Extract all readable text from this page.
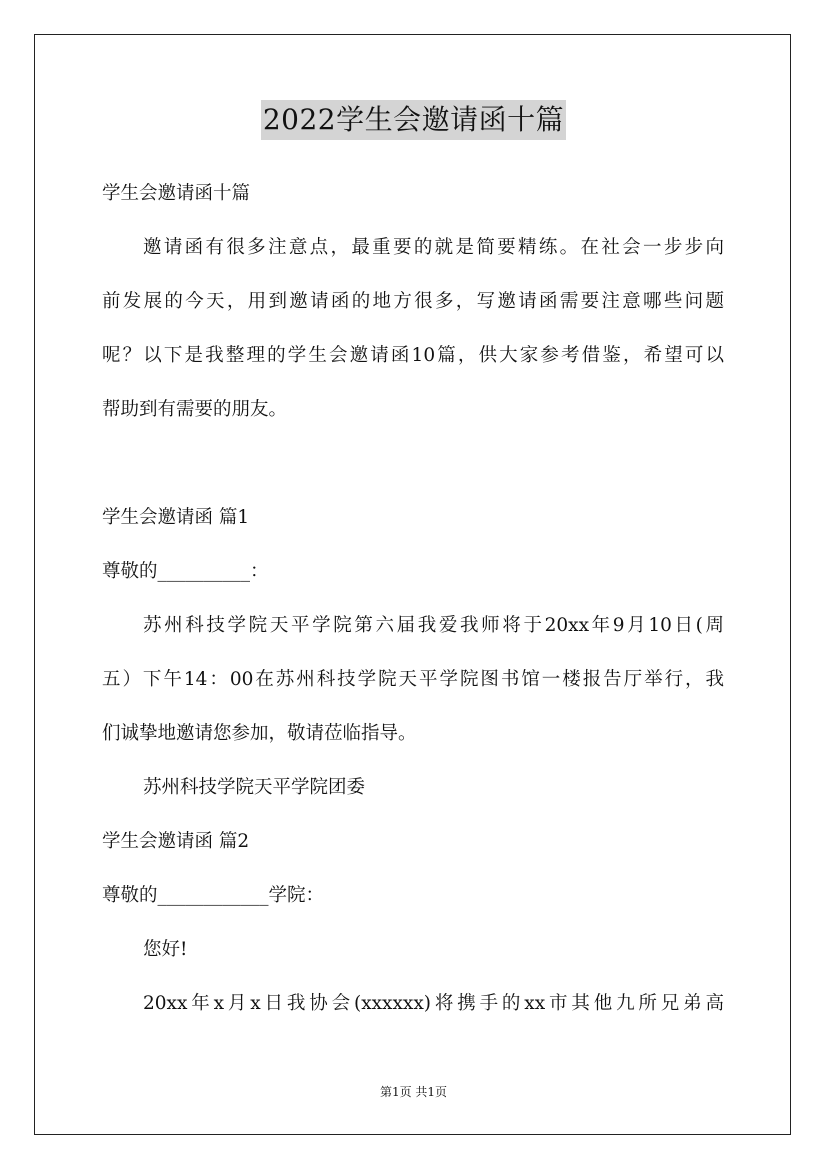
2022学生会邀请函十篇
学生会邀请函十篇
邀请函有很多注意点，最重要的就是简要精练。在社会一步步向
前发展的今天，用到邀请函的地方很多，写邀请函需要注意哪些问题
呢？以下是我整理的学生会邀请函10篇，供大家参考借鉴，希望可以
帮助到有需要的朋友。
学生会邀请函 篇1
尊敬的__________：
苏州科技学院天平学院第六届我爱我师将于20xx年9月10日(周
五）下午14：00在苏州科技学院天平学院图书馆一楼报告厅举行，我
们诚挚地邀请您参加，敬请莅临指导。
苏州科技学院天平学院团委
学生会邀请函 篇2
尊敬的____________学院：
您好!
20xx年x月x日我协会(xxxxxx)将携手的xx市其他九所兄弟高
第1页 共1页
